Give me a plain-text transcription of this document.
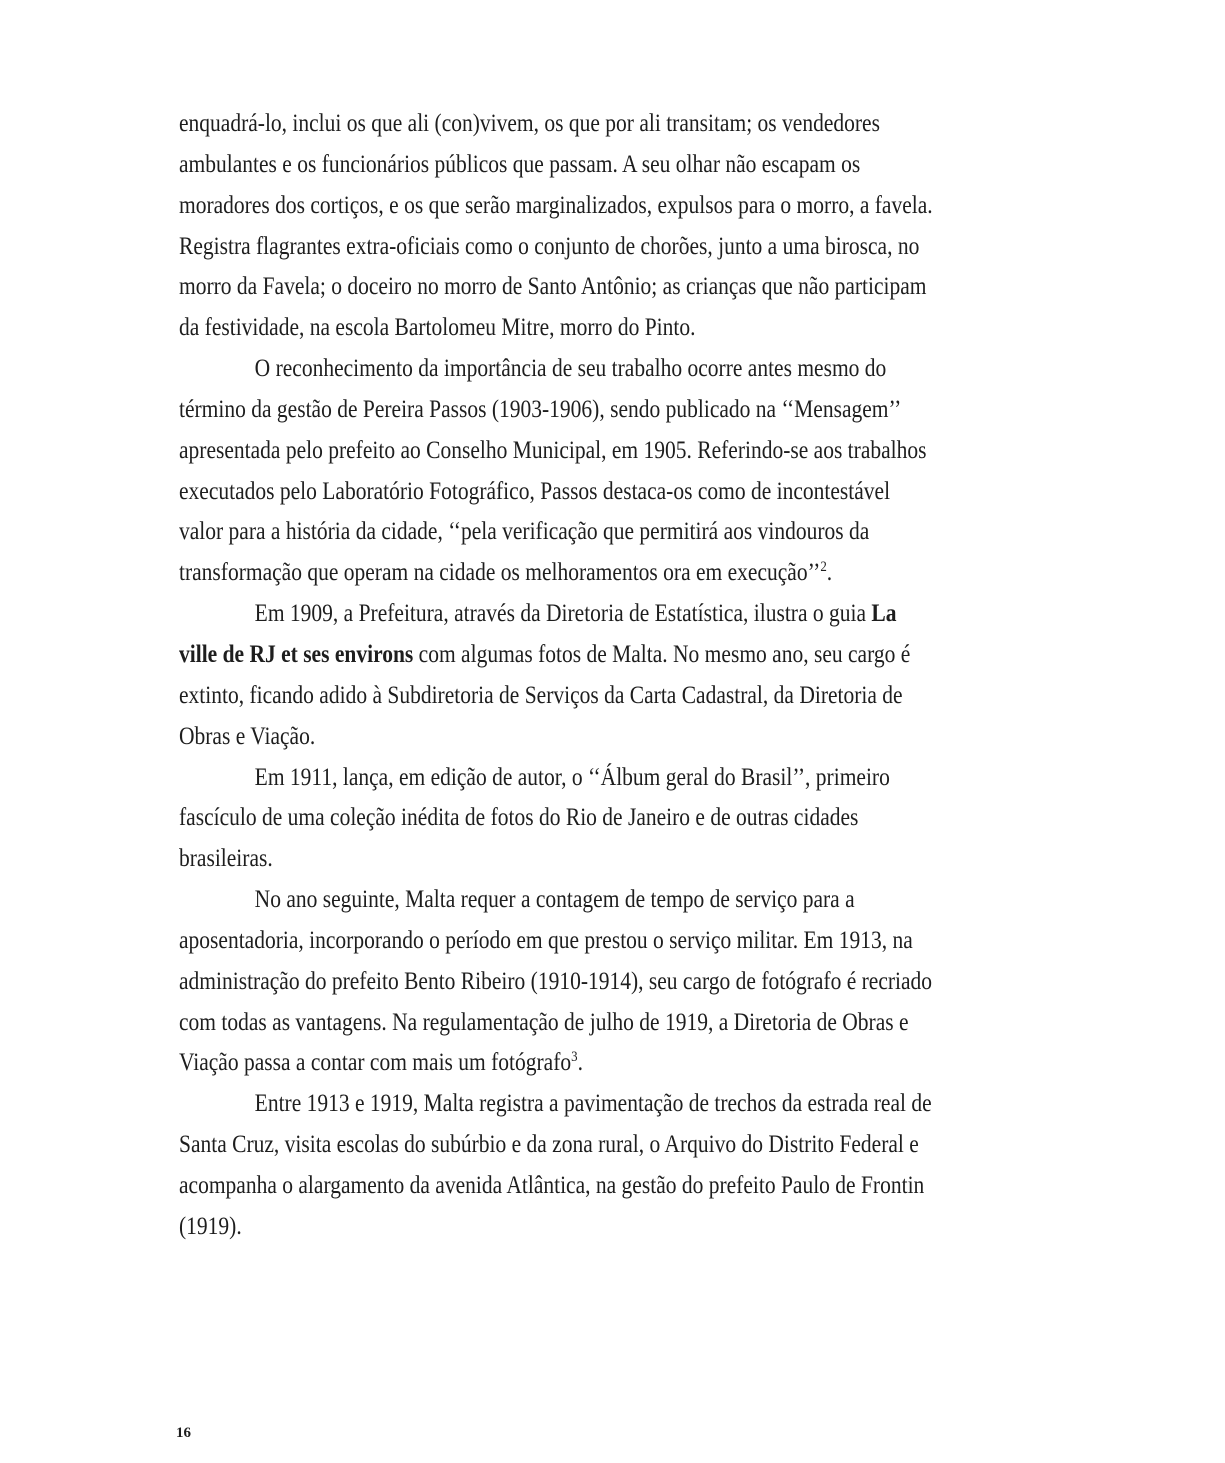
enquadrá-lo, inclui os que ali (con)vivem, os que por ali transitam; os vendedores ambulantes e os funcionários públicos que passam. A seu olhar não escapam os moradores dos cortiços, e os que serão marginalizados, expulsos para o morro, a favela. Registra flagrantes extra-oficiais como o conjunto de chorões, junto a uma birosca, no morro da Favela; o doceiro no morro de Santo Antônio; as crianças que não participam da festividade, na escola Bartolomeu Mitre, morro do Pinto.

O reconhecimento da importância de seu trabalho ocorre antes mesmo do término da gestão de Pereira Passos (1903-1906), sendo publicado na ‘‘Mensagem’’ apresentada pelo prefeito ao Conselho Municipal, em 1905. Referindo-se aos trabalhos executados pelo Laboratório Fotográfico, Passos destaca-os como de incontestável valor para a história da cidade, ‘‘pela verificação que permitirá aos vindouros da transformação que operam na cidade os melhoramentos ora em execução’’$^2$.

Em 1909, a Prefeitura, através da Diretoria de Estatística, ilustra o guia La ville de RJ et ses environs com algumas fotos de Malta. No mesmo ano, seu cargo é extinto, ficando adido à Subdiretoria de Serviços da Carta Cadastral, da Diretoria de Obras e Viação.

Em 1911, lança, em edição de autor, o ‘‘Álbum geral do Brasil’’, primeiro fascículo de uma coleção inédita de fotos do Rio de Janeiro e de outras cidades brasileiras.

No ano seguinte, Malta requer a contagem de tempo de serviço para a aposentadoria, incorporando o período em que prestou o serviço militar. Em 1913, na administração do prefeito Bento Ribeiro (1910-1914), seu cargo de fotógrafo é recriado com todas as vantagens. Na regulamentação de julho de 1919, a Diretoria de Obras e Viação passa a contar com mais um fotógrafo$^3$.

Entre 1913 e 1919, Malta registra a pavimentação de trechos da estrada real de Santa Cruz, visita escolas do subúrbio e da zona rural, o Arquivo do Distrito Federal e acompanha o alargamento da avenida Atlântica, na gestão do prefeito Paulo de Frontin (1919).

16
